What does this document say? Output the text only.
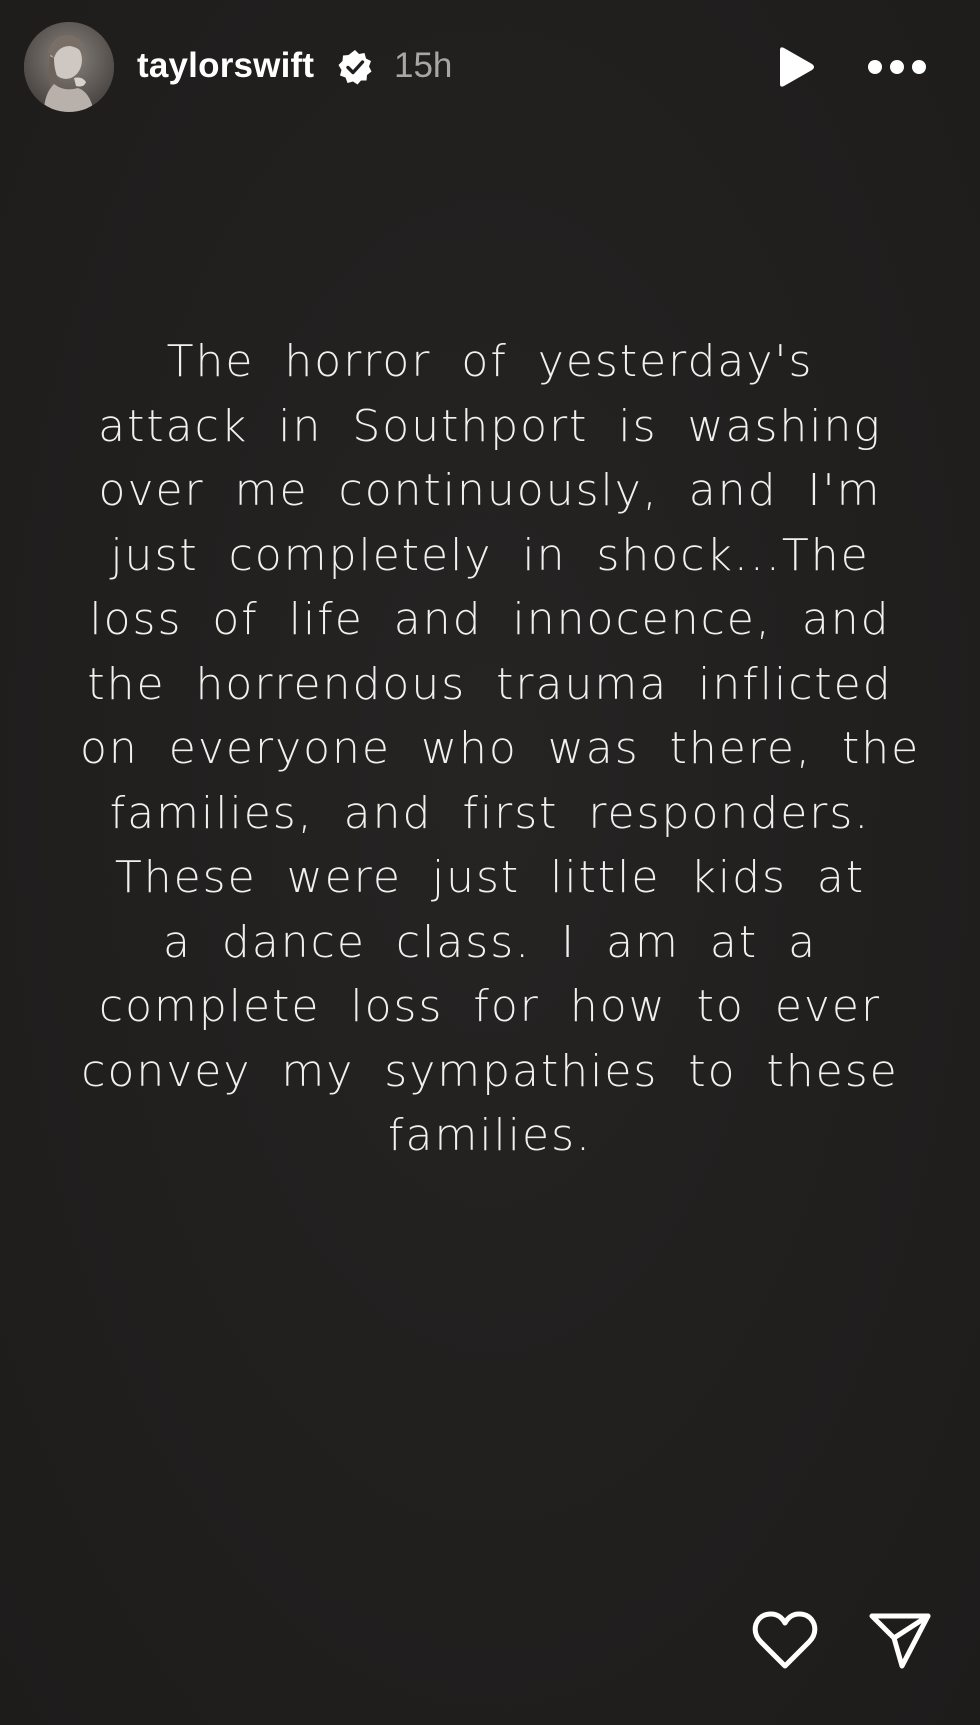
taylorswift 15h
The horror of yesterday's
attack in Southport is washing
over me continuously, and I'm
just completely in shock...The
loss of life and innocence, and
the horrendous trauma inflicted
on everyone who was there, the
families, and first responders.
These were just little kids at
a dance class. I am at a
complete loss for how to ever
convey my sympathies to these
families.
